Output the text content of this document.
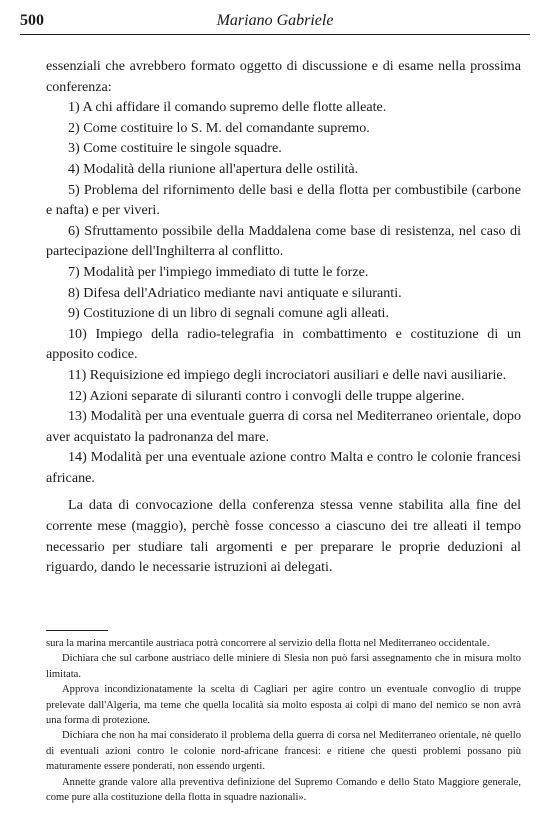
500	Mariano Gabriele

essenziali che avrebbero formato oggetto di discussione e di esame nella prossima conferenza:

1) A chi affidare il comando supremo delle flotte alleate.

2) Come costituire lo S. M. del comandante supremo.

3) Come costituire le singole squadre.

4) Modalità della riunione all'apertura delle ostilità.

5) Problema del rifornimento delle basi e della flotta per combustibile (carbone e nafta) e per viveri.

6) Sfruttamento possibile della Maddalena come base di resistenza, nel caso di partecipazione dell'Inghilterra al conflitto.

7) Modalità per l'impiego immediato di tutte le forze.

8) Difesa dell'Adriatico mediante navi antiquate e siluranti.

9) Costituzione di un libro di segnali comune agli alleati.

10) Impiego della radio-telegrafia in combattimento e costituzione di un apposito codice.

11) Requisizione ed impiego degli incrociatori ausiliari e delle navi ausiliarie.

12) Azioni separate di siluranti contro i convogli delle truppe algerine.

13) Modalità per una eventuale guerra di corsa nel Mediterraneo orientale, dopo aver acquistato la padronanza del mare.

14) Modalità per una eventuale azione contro Malta e contro le colonie francesi africane.

La data di convocazione della conferenza stessa venne stabilita alla fine del corrente mese (maggio), perchè fosse concesso a ciascuno dei tre alleati il tempo necessario per studiare tali argomenti e per preparare le proprie deduzioni al riguardo, dando le necessarie istruzioni ai delegati.

sura la marina mercantile austriaca potrà concorrere al servizio della flotta nel Mediterraneo occidentale.

Dichiara che sul carbone austriaco delle miniere di Slesia non può farsi assegnamento che in misura molto limitata.

Approva incondizionatamente la scelta di Cagliari per agire contro un eventuale convoglio di truppe prelevate dall'Algeria, ma teme che quella località sia molto esposta ai colpi di mano del nemico se non avrà una forma di protezione.

Dichiara che non ha mai considerato il problema della guerra di corsa nel Mediterraneo orientale, nè quello di eventuali azioni contro le colonie nord-africane francesi: e ritiene che questi problemi possano più maturamente essere ponderati, non essendo urgenti.

Annette grande valore alla preventiva definizione del Supremo Comando e dello Stato Maggiore generale, come pure alla costituzione della flotta in squadre nazionali».
